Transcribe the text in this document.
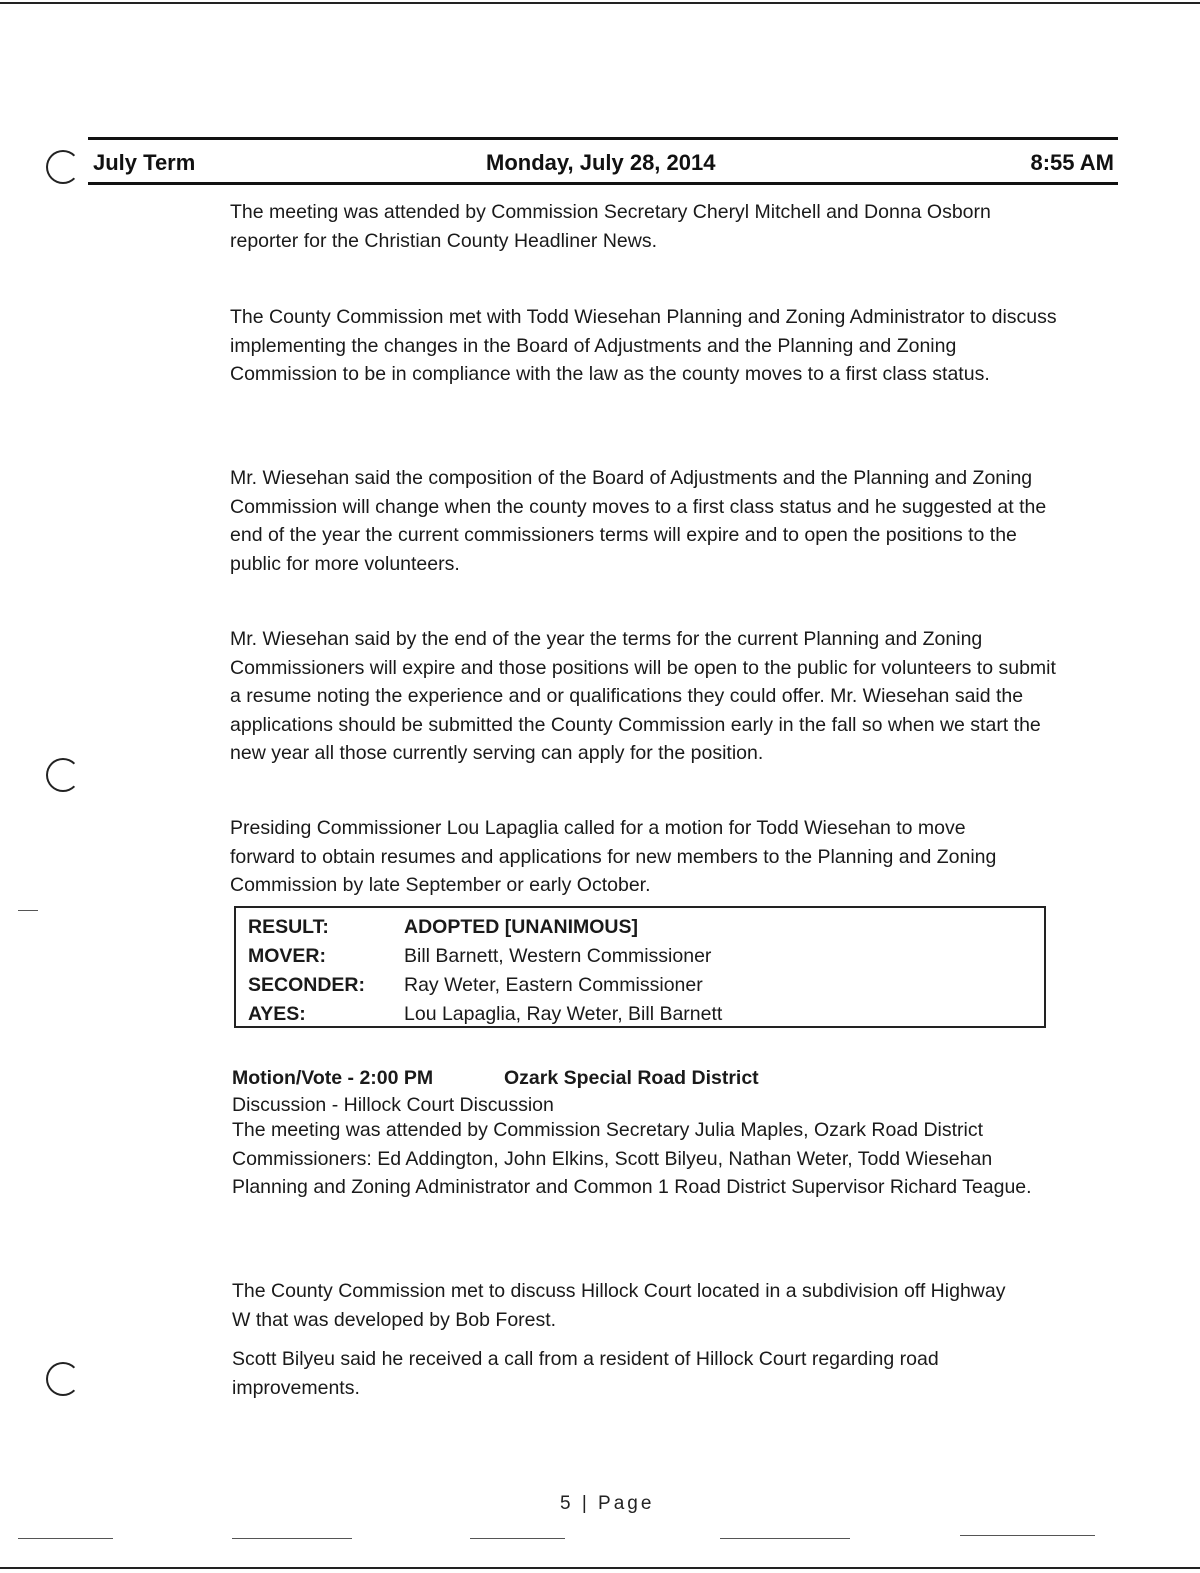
July Term	Monday, July 28, 2014	8:55 AM

The meeting was attended by Commission Secretary Cheryl Mitchell and Donna Osborn reporter for the Christian County Headliner News.

The County Commission met with Todd Wiesehan Planning and Zoning Administrator to discuss implementing the changes in the Board of Adjustments and the Planning and Zoning Commission to be in compliance with the law as the county moves to a first class status.

Mr. Wiesehan said the composition of the Board of Adjustments and the Planning and Zoning Commission will change when the county moves to a first class status and he suggested at the end of the year the current commissioners terms will expire and to open the positions to the public for more volunteers.

Mr. Wiesehan said by the end of the year the terms for the current Planning and Zoning Commissioners will expire and those positions will be open to the public for volunteers to submit a resume noting the experience and or qualifications they could offer. Mr. Wiesehan said the applications should be submitted the County Commission early in the fall so when we start the new year all those currently serving can apply for the position.

Presiding Commissioner Lou Lapaglia called for a motion for Todd Wiesehan to move forward to obtain resumes and applications for new members to the Planning and Zoning Commission by late September or early October.

RESULT:	ADOPTED [UNANIMOUS]
MOVER:	Bill Barnett, Western Commissioner
SECONDER:	Ray Weter, Eastern Commissioner
AYES:	Lou Lapaglia, Ray Weter, Bill Barnett
Motion/Vote - 2:00 PM	Ozark Special Road District

Discussion - Hillock Court Discussion

The meeting was attended by Commission Secretary Julia Maples, Ozark Road District Commissioners: Ed Addington, John Elkins, Scott Bilyeu, Nathan Weter, Todd Wiesehan Planning and Zoning Administrator and Common 1 Road District Supervisor Richard Teague.

The County Commission met to discuss Hillock Court located in a subdivision off Highway W that was developed by Bob Forest.

Scott Bilyeu said he received a call from a resident of Hillock Court regarding road improvements.

5 | Page
